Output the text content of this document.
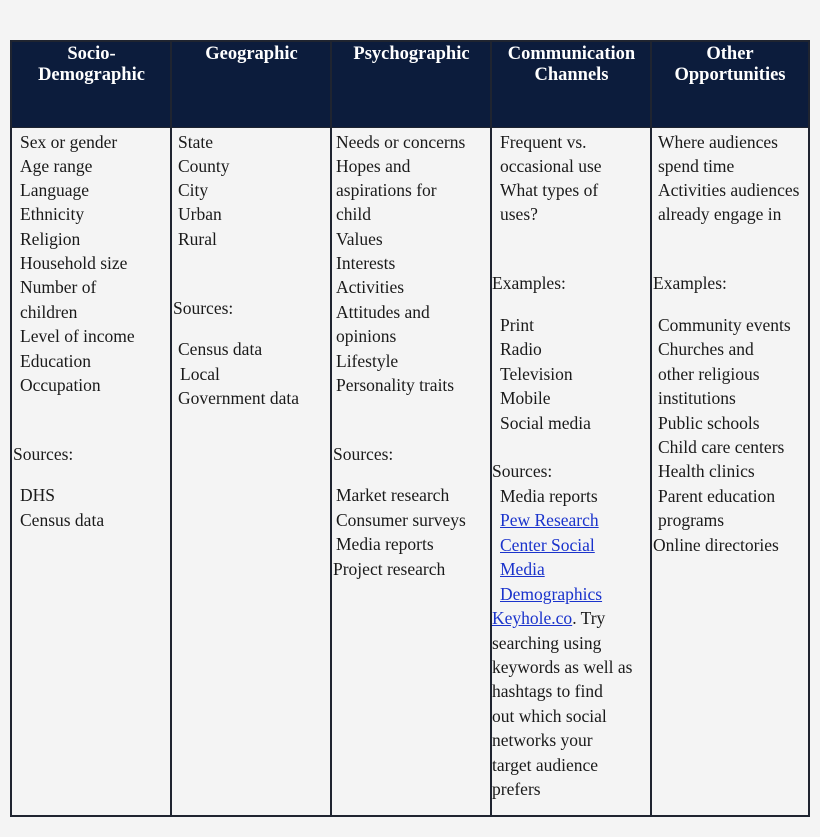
Socio-
Demographic
Sex or gender
Age range
Language
Ethnicity
Religion
Household size
Number of
children
Level of income
Education
Occupation
Sources:
DHS
Census data
Geographic
State
County
City
Urban
Rural
Sources:
Census data
Local
Government data
Psychographic
Needs or concerns
Hopes and
aspirations for
child
Values
Interests
Activities
Attitudes and
opinions
Lifestyle
Personality traits
Sources:
Market research
Consumer surveys
Media reports
Project research
Communication
Channels
Frequent vs.
occasional use
What types of
uses?
Examples:
Print
Radio
Television
Mobile
Social media
Sources:
Media reports
Pew Research
Center Social
Media
Demographics
Keyhole.co. Try
searching using
keywords as well as
hashtags to find
out which social
networks your
target audience
prefers
Other
Opportunities
Where audiences
spend time
Activities audiences
already engage in
Examples:
Community events
Churches and
other religious
institutions
Public schools
Child care centers
Health clinics
Parent education
programs
Online directories
